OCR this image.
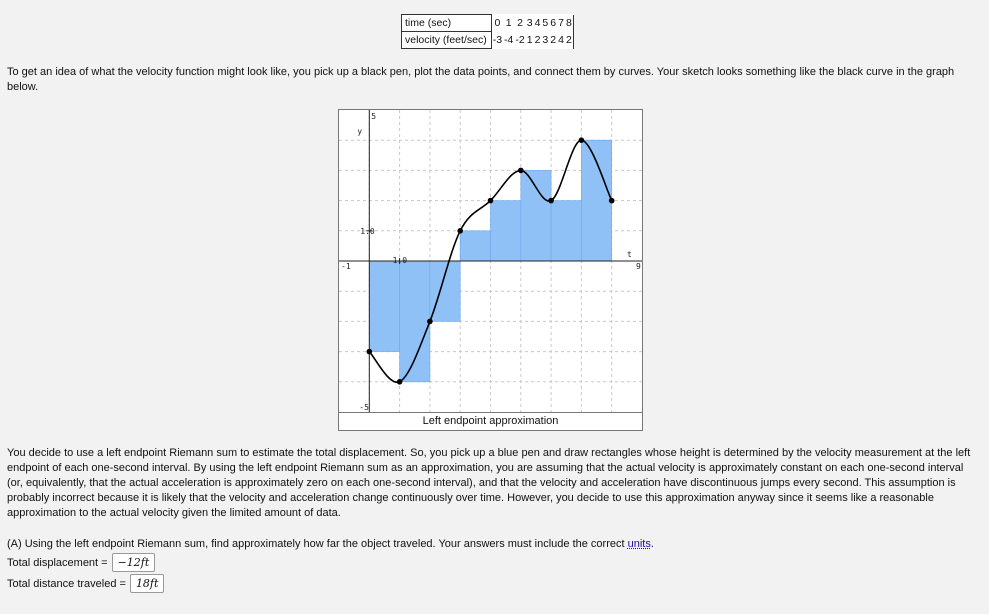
time (sec)	0	1	2	3	4	5	6	7	8
velocity (feet/sec)	-3	-4	-2	1	2	3	2	4	2

To get an idea of what the velocity function might look like, you pick up a black pen, plot the data points, and connect them by curves. Your sketch looks something like the black curve in the graph below.

5
y
1.0
1.0
-1
t
9
-5
Left endpoint approximation

You decide to use a left endpoint Riemann sum to estimate the total displacement. So, you pick up a blue pen and draw rectangles whose height is determined by the velocity measurement at the left endpoint of each one-second interval. By using the left endpoint Riemann sum as an approximation, you are assuming that the actual velocity is approximately constant on each one-second interval (or, equivalently, that the actual acceleration is approximately zero on each one-second interval), and that the velocity and acceleration have discontinuous jumps every second. This assumption is probably incorrect because it is likely that the velocity and acceleration change continuously over time. However, you decide to use this approximation anyway since it seems like a reasonable approximation to the actual velocity given the limited amount of data.

(A) Using the left endpoint Riemann sum, find approximately how far the object traveled. Your answers must include the correct units.

Total displacement = −12ft
Total distance traveled = 18ft
